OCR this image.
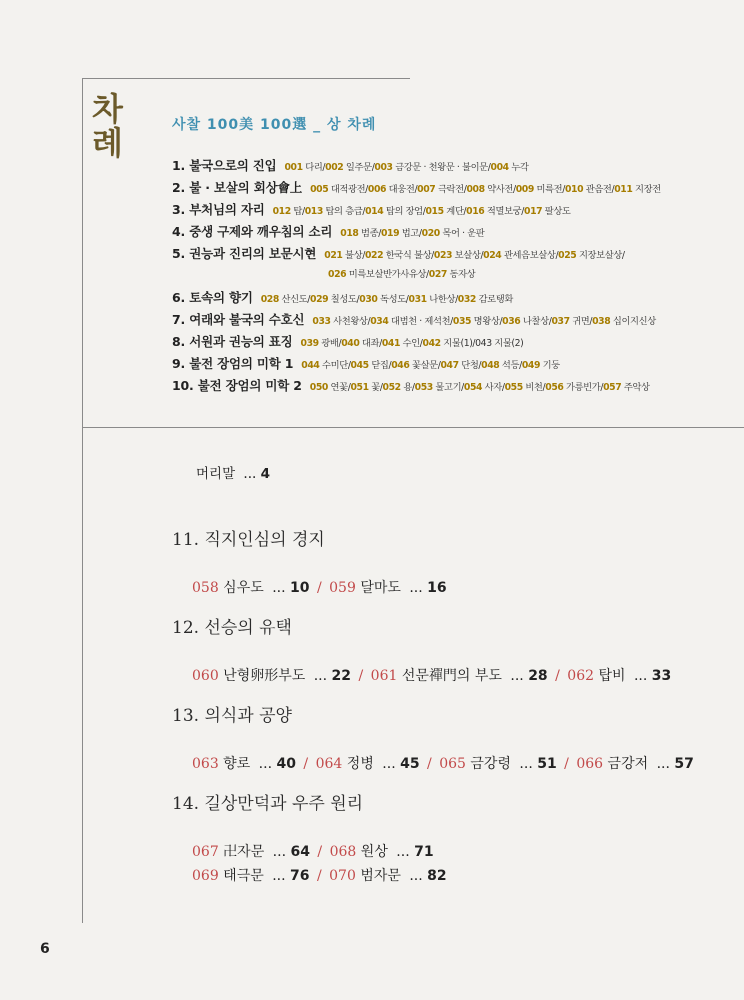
차
례	사찰 100美 100選 _ 상 차례
1. 불국으로의 진입 001 다리/002 일주문/003 금강문 · 천왕문 · 불이문/004 누각
2. 불 · 보살의 회상會上 005 대적광전/006 대웅전/007 극락전/008 약사전/009 미륵전/010 관음전/011 지장전
3. 부처님의 자리 012 탑/013 탑의 층급/014 탑의 장엄/015 계단/016 적멸보궁/017 팔상도
4. 중생 구제와 깨우침의 소리 018 범종/019 법고/020 목어 · 운판
5. 권능과 진리의 보문시현 021 불상/022 한국식 불상/023 보살상/024 관세음보살상/025 지장보살상/
026 미륵보살반가사유상/027 동자상
6. 토속의 향기 028 산신도/029 칠성도/030 독성도/031 나한상/032 감로탱화
7. 여래와 불국의 수호신 033 사천왕상/034 대범천 · 제석천/035 명왕상/036 나찰상/037 귀면/038 십이지신상
8. 서원과 권능의 표징 039 광배/040 대좌/041 수인/042 지물(1)/043 지물(2)
9. 불전 장엄의 미학 1 044 수미단/045 닫집/046 꽃살문/047 단청/048 석등/049 기둥
10. 불전 장엄의 미학 2 050 연꽃/051 꽃/052 용/053 물고기/054 사자/055 비천/056 가릉빈가/057 주악상
머리말 ... 4
11. 직지인심의 경지
058 심우도 ... 10 / 059 달마도 ... 16
12. 선승의 유택
060 난형卵形부도 ... 22 / 061 선문禪門의 부도 ... 28 / 062 탑비 ... 33
13. 의식과 공양
063 향로 ... 40 / 064 정병 ... 45 / 065 금강령 ... 51 / 066 금강저 ... 57
14. 길상만덕과 우주 원리
067 卍자문 ... 64 / 068 원상 ... 71
069 태극문 ... 76 / 070 범자문 ... 82
6
